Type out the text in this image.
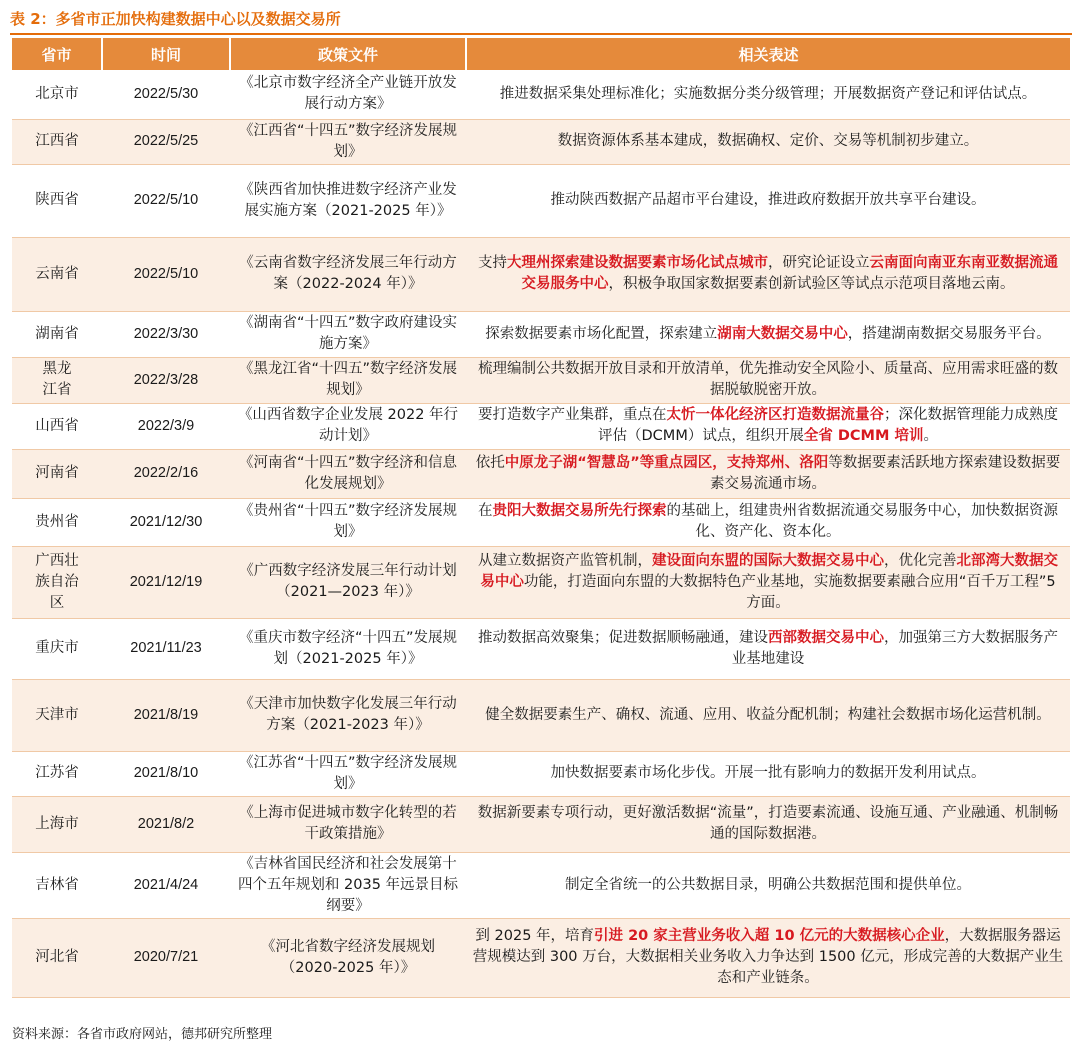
表 2：多省市正加快构建数据中心以及数据交易所
省市	时间	政策文件	相关表述
北京市	2022/5/30	《北京市数字经济全产业链开放发展行动方案》	推进数据采集处理标准化；实施数据分类分级管理；开展数据资产登记和评估试点。
江西省	2022/5/25	《江西省“十四五”数字经济发展规划》	数据资源体系基本建成，数据确权、定价、交易等机制初步建立。
陕西省	2022/5/10	《陕西省加快推进数字经济产业发展实施方案（2021-2025 年）》	推动陕西数据产品超市平台建设，推进政府数据开放共享平台建设。
云南省	2022/5/10	《云南省数字经济发展三年行动方案（2022-2024 年）》	支持大理州探索建设数据要素市场化试点城市，研究论证设立云南面向南亚东南亚数据流通交易服务中心，积极争取国家数据要素创新试验区等试点示范项目落地云南。
湖南省	2022/3/30	《湖南省“十四五”数字政府建设实施方案》	探索数据要素市场化配置，探索建立湖南大数据交易中心，搭建湖南数据交易服务平台。
黑龙江省	2022/3/28	《黑龙江省“十四五”数字经济发展规划》	梳理编制公共数据开放目录和开放清单，优先推动安全风险小、质量高、应用需求旺盛的数据脱敏脱密开放。
山西省	2022/3/9	《山西省数字企业发展 2022 年行动计划》	要打造数字产业集群，重点在太忻一体化经济区打造数据流量谷；深化数据管理能力成熟度评估（DCMM）试点，组织开展全省 DCMM 培训。
河南省	2022/2/16	《河南省“十四五”数字经济和信息化发展规划》	依托中原龙子湖“智慧岛”等重点园区，支持郑州、洛阳等数据要素活跃地方探索建设数据要素交易流通市场。
贵州省	2021/12/30	《贵州省“十四五”数字经济发展规划》	在贵阳大数据交易所先行探索的基础上，组建贵州省数据流通交易服务中心，加快数据资源化、资产化、资本化。
广西壮族自治区	2021/12/19	《广西数字经济发展三年行动计划（2021—2023 年）》	从建立数据资产监管机制，建设面向东盟的国际大数据交易中心，优化完善北部湾大数据交易中心功能，打造面向东盟的大数据特色产业基地，实施数据要素融合应用“百千万工程”5 方面。
重庆市	2021/11/23	《重庆市数字经济“十四五”发展规划（2021-2025 年）》	推动数据高效聚集；促进数据顺畅融通，建设西部数据交易中心，加强第三方大数据服务产业基地建设
天津市	2021/8/19	《天津市加快数字化发展三年行动方案（2021-2023 年）》	健全数据要素生产、确权、流通、应用、收益分配机制；构建社会数据市场化运营机制。
江苏省	2021/8/10	《江苏省“十四五”数字经济发展规划》	加快数据要素市场化步伐。开展一批有影响力的数据开发利用试点。
上海市	2021/8/2	《上海市促进城市数字化转型的若干政策措施》	数据新要素专项行动，更好激活数据“流量”，打造要素流通、设施互通、产业融通、机制畅通的国际数据港。
吉林省	2021/4/24	《吉林省国民经济和社会发展第十四个五年规划和 2035 年远景目标纲要》	制定全省统一的公共数据目录，明确公共数据范围和提供单位。
河北省	2020/7/21	《河北省数字经济发展规划（2020-2025 年）》	到 2025 年，培育引进 20 家主营业务收入超 10 亿元的大数据核心企业，大数据服务器运营规模达到 300 万台，大数据相关业务收入力争达到 1500 亿元，形成完善的大数据产业生态和产业链条。
资料来源：各省市政府网站，德邦研究所整理
